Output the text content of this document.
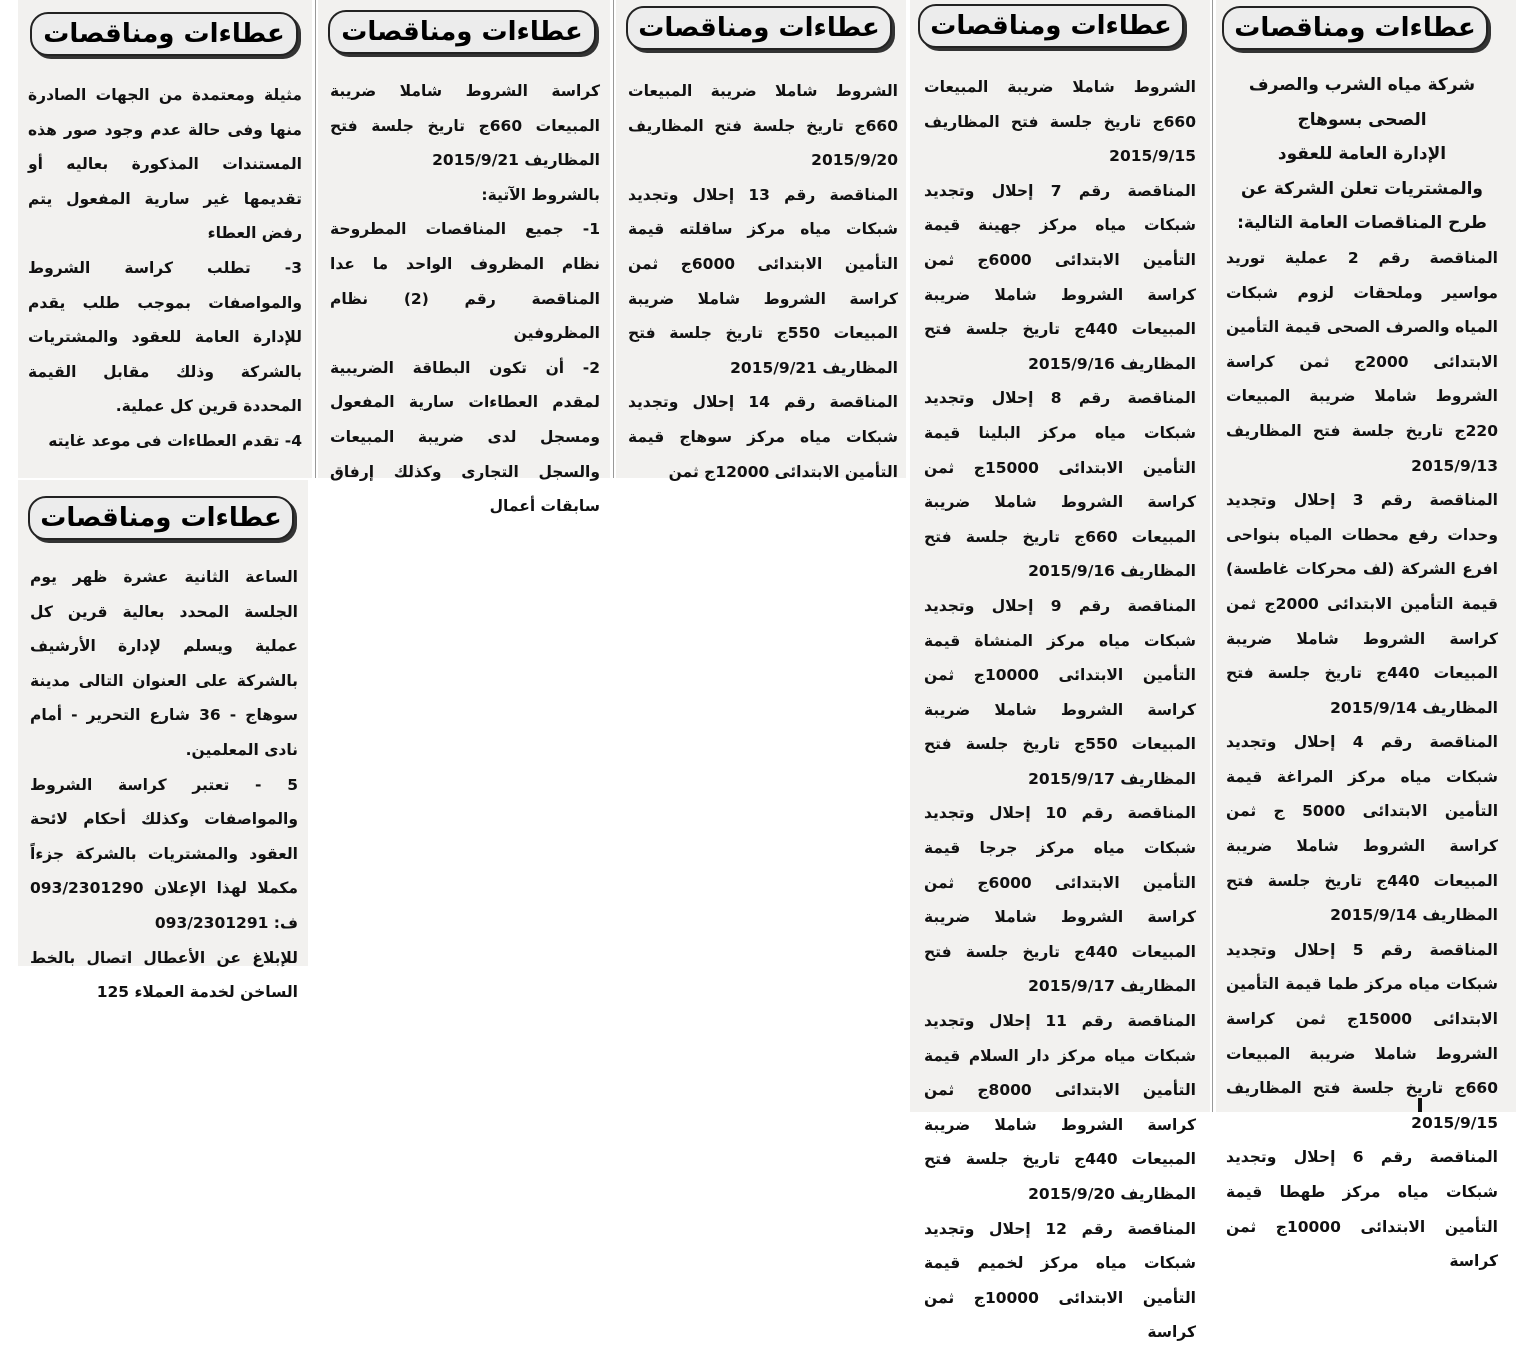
عطاءات ومناقصات

شركة مياه الشرب والصرف الصحى بسوهاج

الإدارة العامة للعقود والمشتريات تعلن الشركة عن طرح المناقصات العامة التالية:

المناقصة رقم 2 عملية توريد مواسير وملحقات لزوم شبكات المياه والصرف الصحى قيمة التأمين الابتدائى 2000ج ثمن كراسة الشروط شاملا ضريبة المبيعات 220ج تاريخ جلسة فتح المظاريف 2015/9/13

المناقصة رقم 3 إحلال وتجديد وحدات رفع محطات المياه بنواحى افرع الشركة (لف محركات غاطسة) قيمة التأمين الابتدائى 2000ج ثمن كراسة الشروط شاملا ضريبة المبيعات 440ج تاريخ جلسة فتح المظاريف 2015/9/14

المناقصة رقم 4 إحلال وتجديد شبكات مياه مركز المراغة قيمة التأمين الابتدائى 5000 ج ثمن كراسة الشروط شاملا ضريبة المبيعات 440ج تاريخ جلسة فتح المظاريف 2015/9/14

المناقصة رقم 5 إحلال وتجديد شبكات مياه مركز طما قيمة التأمين الابتدائى 15000ج ثمن كراسة الشروط شاملا ضريبة المبيعات 660ج تاريخ جلسة فتح المظاريف 2015/9/15

المناقصة رقم 6 إحلال وتجديد شبكات مياه مركز طهطا قيمة التأمين الابتدائى 10000ج ثمن كراسة

عطاءات ومناقصات

الشروط شاملا ضريبة المبيعات 660ج تاريخ جلسة فتح المظاريف 2015/9/15

المناقصة رقم 7 إحلال وتجديد شبكات مياه مركز جهينة قيمة التأمين الابتدائى 6000ج ثمن كراسة الشروط شاملا ضريبة المبيعات 440ج تاريخ جلسة فتح المظاريف 2015/9/16

المناقصة رقم 8 إحلال وتجديد شبكات مياه مركز البلينا قيمة التأمين الابتدائى 15000ج ثمن كراسة الشروط شاملا ضريبة المبيعات 660ج تاريخ جلسة فتح المظاريف 2015/9/16

المناقصة رقم 9 إحلال وتجديد شبكات مياه مركز المنشاة قيمة التأمين الابتدائى 10000ج ثمن كراسة الشروط شاملا ضريبة المبيعات 550ج تاريخ جلسة فتح المظاريف 2015/9/17

المناقصة رقم 10 إحلال وتجديد شبكات مياه مركز جرجا قيمة التأمين الابتدائى 6000ج ثمن كراسة الشروط شاملا ضريبة المبيعات 440ج تاريخ جلسة فتح المظاريف 2015/9/17

المناقصة رقم 11 إحلال وتجديد شبكات مياه مركز دار السلام قيمة التأمين الابتدائى 8000ج ثمن كراسة الشروط شاملا ضريبة المبيعات 440ج تاريخ جلسة فتح المظاريف 2015/9/20

المناقصة رقم 12 إحلال وتجديد شبكات مياه مركز لخميم قيمة التأمين الابتدائى 10000ج ثمن كراسة

عطاءات ومناقصات

الشروط شاملا ضريبة المبيعات 660ج تاريخ جلسة فتح المظاريف 2015/9/20

المناقصة رقم 13 إحلال وتجديد شبكات مياه مركز ساقلته قيمة التأمين الابتدائى 6000ج ثمن كراسة الشروط شاملا ضريبة المبيعات 550ج تاريخ جلسة فتح المظاريف 2015/9/21

المناقصة رقم 14 إحلال وتجديد شبكات مياه مركز سوهاج قيمة التأمين الابتدائى 12000ج ثمن

عطاءات ومناقصات

كراسة الشروط شاملا ضريبة المبيعات 660ج تاريخ جلسة فتح المظاريف 2015/9/21

بالشروط الآتية:

1- جميع المناقصات المطروحة نظام المظروف الواحد ما عدا المناقصة رقم (2) نظام المظروفين

2- أن تكون البطاقة الضريبية لمقدم العطاءات سارية المفعول ومسجل لدى ضريبة المبيعات والسجل التجارى وكذلك إرفاق سابقات أعمال

عطاءات ومناقصات

مثيلة ومعتمدة من الجهات الصادرة منها وفى حالة عدم وجود صور هذه المستندات المذكورة بعاليه أو تقديمها غير سارية المفعول يتم رفض العطاء

3- تطلب كراسة الشروط والمواصفات بموجب طلب يقدم للإدارة العامة للعقود والمشتريات بالشركة وذلك مقابل القيمة المحددة قرين كل عملية.

4- تقدم العطاءات فى موعد غايته

عطاءات ومناقصات

الساعة الثانية عشرة ظهر يوم الجلسة المحدد بعالية قرين كل عملية ويسلم لإدارة الأرشيف بالشركة على العنوان التالى مدينة سوهاج - 36 شارع التحرير - أمام نادى المعلمين.

5 - تعتبر كراسة الشروط والمواصفات وكذلك أحكام لائحة العقود والمشتريات بالشركة جزءاً مكملا لهذا الإعلان 093/2301290 ف: 093/2301291

للإبلاغ عن الأعطال اتصال بالخط الساخن لخدمة العملاء 125
